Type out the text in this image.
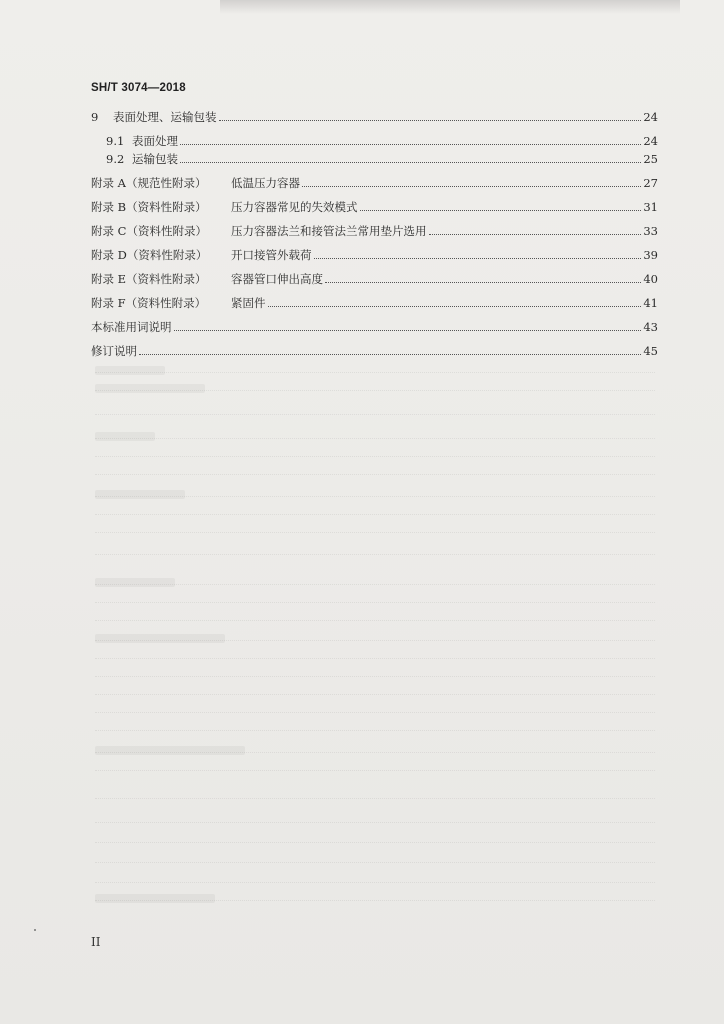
SH/T 3074—2018
9	表面处理、运输包装	24
9.1 表面处理	24
9.2 运输包装	25
附录 A（规范性附录）	低温压力容器	27
附录 B（资料性附录）	压力容器常见的失效模式	31
附录 C（资料性附录）	压力容器法兰和接管法兰常用垫片选用	33
附录 D（资料性附录）	开口接管外载荷	39
附录 E（资料性附录）	容器管口伸出高度	40
附录 F（资料性附录）	紧固件	41
本标准用词说明	43
修订说明	45
II
